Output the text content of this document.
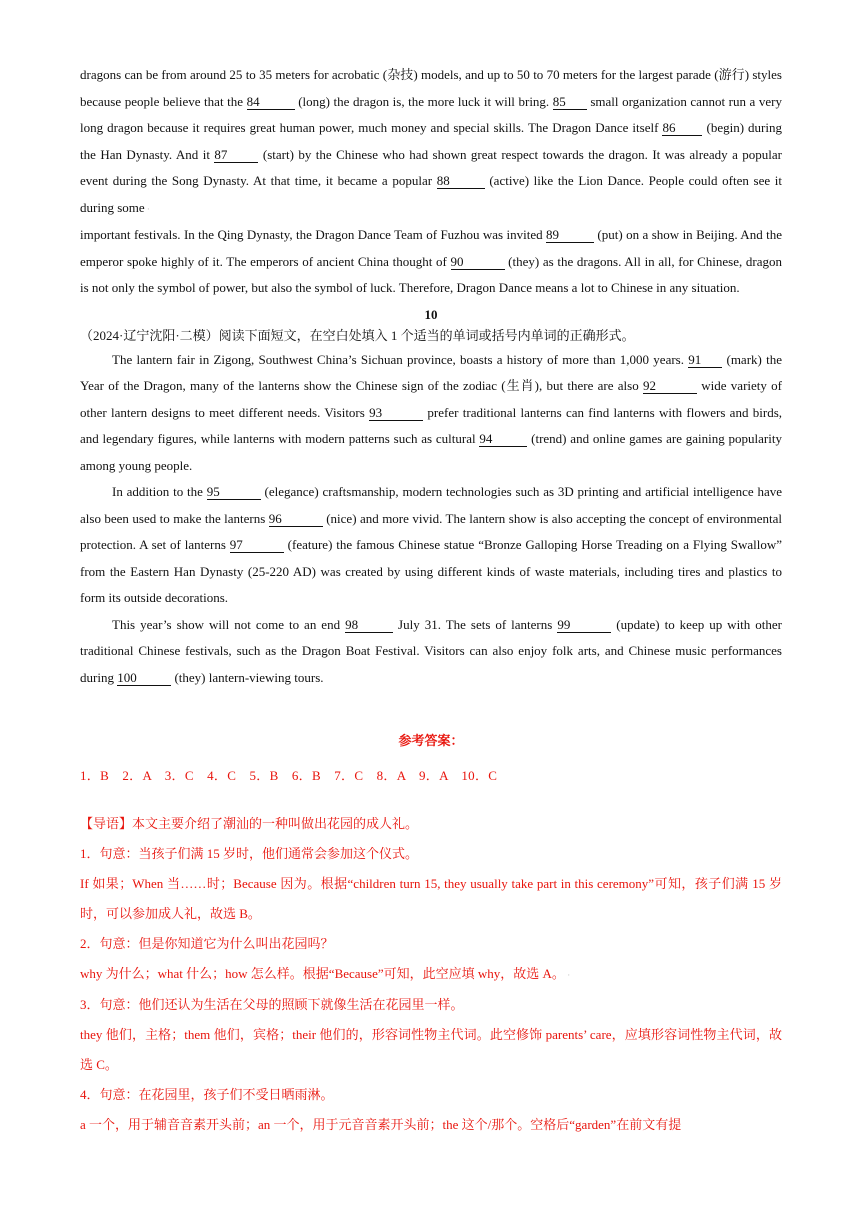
dragons can be from around 25 to 35 meters for acrobatic (杂技) models, and up to 50 to 70 meters for the largest parade (游行) styles because people believe that the 84	(long) the dragon is, the more luck it will bring. 85 small organization cannot run a very long dragon because it requires great human power, much money and special skills. The Dragon Dance itself 86 (begin) during the Han Dynasty. And it 87 (start) by the Chinese who had shown great respect towards the dragon. It was already a popular event during the Song Dynasty. At that time, it became a popular 88	(active) like the Lion Dance. People could often see it during some ·

important festivals. In the Qing Dynasty, the Dragon Dance Team of Fuzhou was invited 89	(put) on a show in Beijing. And the emperor spoke highly of it. The emperors of ancient China thought of 90	(they) as the dragons. All in all, for Chinese, dragon is not only the symbol of power, but also the symbol of luck. Therefore, Dragon Dance means a lot to Chinese in any situation.

10

（2024·辽宁沈阳·二模）阅读下面短文，在空白处填入 1 个适当的单词或括号内单词的正确形式。

The lantern fair in Zigong, Southwest China’s Sichuan province, boasts a history of more than 1,000 years. 91 (mark) the Year of the Dragon, many of the lanterns show the Chinese sign of the zodiac (生肖), but there are also 92	wide variety of other lantern designs to meet different needs. Visitors 93	prefer traditional lanterns can find lanterns with flowers and birds, and legendary figures, while lanterns with modern patterns such as cultural 94	(trend) and online games are gaining popularity among young people.

In addition to the 95	(elegance) craftsmanship, modern technologies such as 3D printing and artificial intelligence have also been used to make the lanterns 96	(nice) and more vivid. The lantern show is also accepting the concept of environmental protection. A set of lanterns 97	(feature) the famous Chinese statue “Bronze Galloping Horse Treading on a Flying Swallow” from the Eastern Han Dynasty (25-220 AD) was created by using different kinds of waste materials, including tires and plastics to form its outside decorations.

This year’s show will not come to an end 98	July 31. The sets of lanterns 99	(update) to keep up with other traditional Chinese festivals, such as the Dragon Boat Festival. Visitors can also enjoy folk arts, and Chinese music performances during 100	(they) lantern-viewing tours.

参考答案：

1．B　2．A　3．C　4．C　5．B　6．B　7．C　8．A　9．A　10．C

【导语】本文主要介绍了潮汕的一种叫做出花园的成人礼。

1．句意：当孩子们满 15 岁时，他们通常会参加这个仪式。

If 如果；When 当……时；Because 因为。根据“children turn 15, they usually take part in this ceremony”可知，孩子们满 15 岁时，可以参加成人礼，故选 B。

2．句意：但是你知道它为什么叫出花园吗？

why 为什么；what 什么；how 怎么样。根据“Because”可知，此空应填 why，故选 A。 ·

3．句意：他们还认为生活在父母的照顾下就像生活在花园里一样。

they 他们，主格；them 他们，宾格；their 他们的，形容词性物主代词。此空修饰 parents’ care，应填形容词性物主代词，故选 C。

4．句意：在花园里，孩子们不受日晒雨淋。

a 一个，用于辅音音素开头前；an 一个，用于元音音素开头前；the 这个/那个。空格后“garden”在前文有提
